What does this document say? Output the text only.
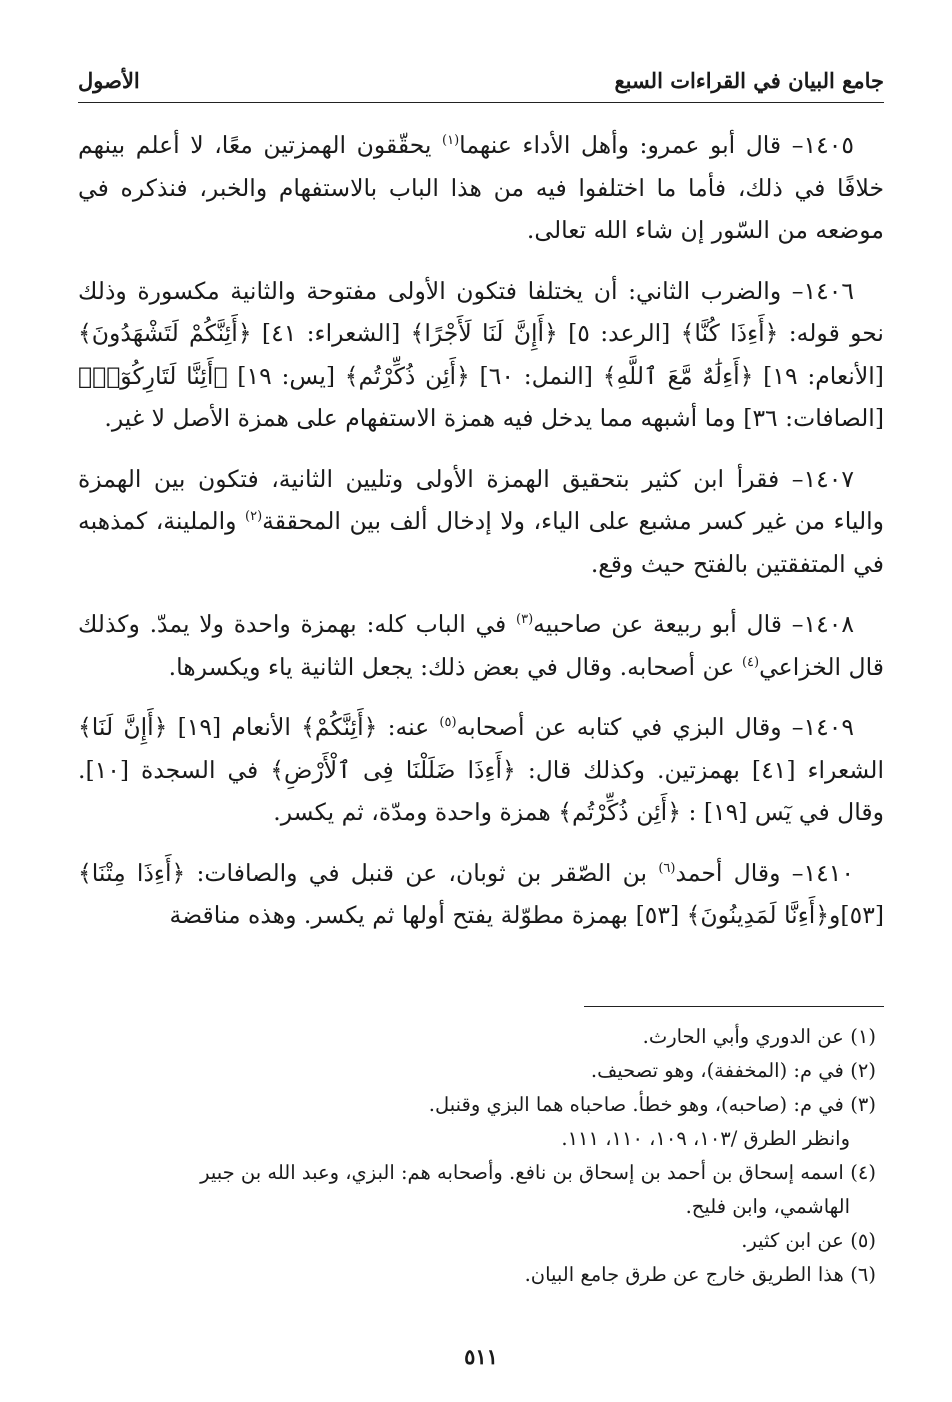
جامع البيان في القراءات السبع
الأصول

١٤٠٥– قال أبو عمرو: وأهل الأداء عنهما$^{(١)}$ يحقّقون الهمزتين معًا، لا أعلم بينهم خلافًا في ذلك، فأما ما اختلفوا فيه من هذا الباب بالاستفهام والخبر، فنذكره في موضعه من السّور إن شاء الله تعالى.

١٤٠٦– والضرب الثاني: أن يختلفا فتكون الأولى مفتوحة والثانية مكسورة وذلك نحو قوله: ﴿أَءِذَا كُنَّا﴾ [الرعد: ٥] ﴿أَإِنَّ لَنَا لَأَجْرًا﴾ [الشعراء: ٤١] ﴿أَئِنَّكُمْ لَتَشْهَدُونَ﴾ [الأنعام: ١٩] ﴿أَءِلَٰهٌ مَّعَ ٱللَّهِ﴾ [النمل: ٦٠] ﴿أَئِن ذُكِّرْتُم﴾ [يس: ١٩] ﴿أَئِنَّا لَتَارِكُوٓا۟﴾[الصافات: ٣٦] وما أشبهه مما يدخل فيه همزة الاستفهام على همزة الأصل لا غير.

١٤٠٧– فقرأ ابن كثير بتحقيق الهمزة الأولى وتليين الثانية، فتكون بين الهمزة والياء من غير كسر مشبع على الياء، ولا إدخال ألف بين المحققة$^{(٢)}$ والملينة، كمذهبه في المتفقتين بالفتح حيث وقع.

١٤٠٨– قال أبو ربيعة عن صاحبيه$^{(٣)}$ في الباب كله: بهمزة واحدة ولا يمدّ. وكذلك قال الخزاعي$^{(٤)}$ عن أصحابه. وقال في بعض ذلك: يجعل الثانية ياء ويكسرها.

١٤٠٩– وقال البزي في كتابه عن أصحابه$^{(٥)}$ عنه: ﴿أَئِنَّكُمْ﴾ الأنعام [١٩] ﴿أَإِنَّ لَنَا﴾ الشعراء [٤١] بهمزتين. وكذلك قال: ﴿أَءِذَا ضَلَلْنَا فِى ٱلْأَرْضِ﴾ في السجدة [١٠]. وقال في يٓس [١٩] : ﴿أَئِن ذُكِّرْتُم﴾ همزة واحدة ومدّة، ثم يكسر.

١٤١٠– وقال أحمد$^{(٦)}$ بن الصّقر بن ثوبان، عن قنبل في والصافات: ﴿أَءِذَا مِتْنَا﴾ [٥٣]و﴿أَءِنَّا لَمَدِينُونَ﴾ [٥٣] بهمزة مطوّلة يفتح أولها ثم يكسر. وهذه مناقضة

(١) عن الدوري وأبي الحارث.

(٢) في م: (المخففة)، وهو تصحيف.

(٣) في م: (صاحبه)، وهو خطأ. صاحباه هما البزي وقنبل.

وانظر الطرق /١٠٣، ١٠٩، ١١٠، ١١١.

(٤) اسمه إسحاق بن أحمد بن إسحاق بن نافع. وأصحابه هم: البزي، وعبد الله بن جبير

الهاشمي، وابن فليح.

(٥) عن ابن كثير.

(٦) هذا الطريق خارج عن طرق جامع البيان.

٥١١
